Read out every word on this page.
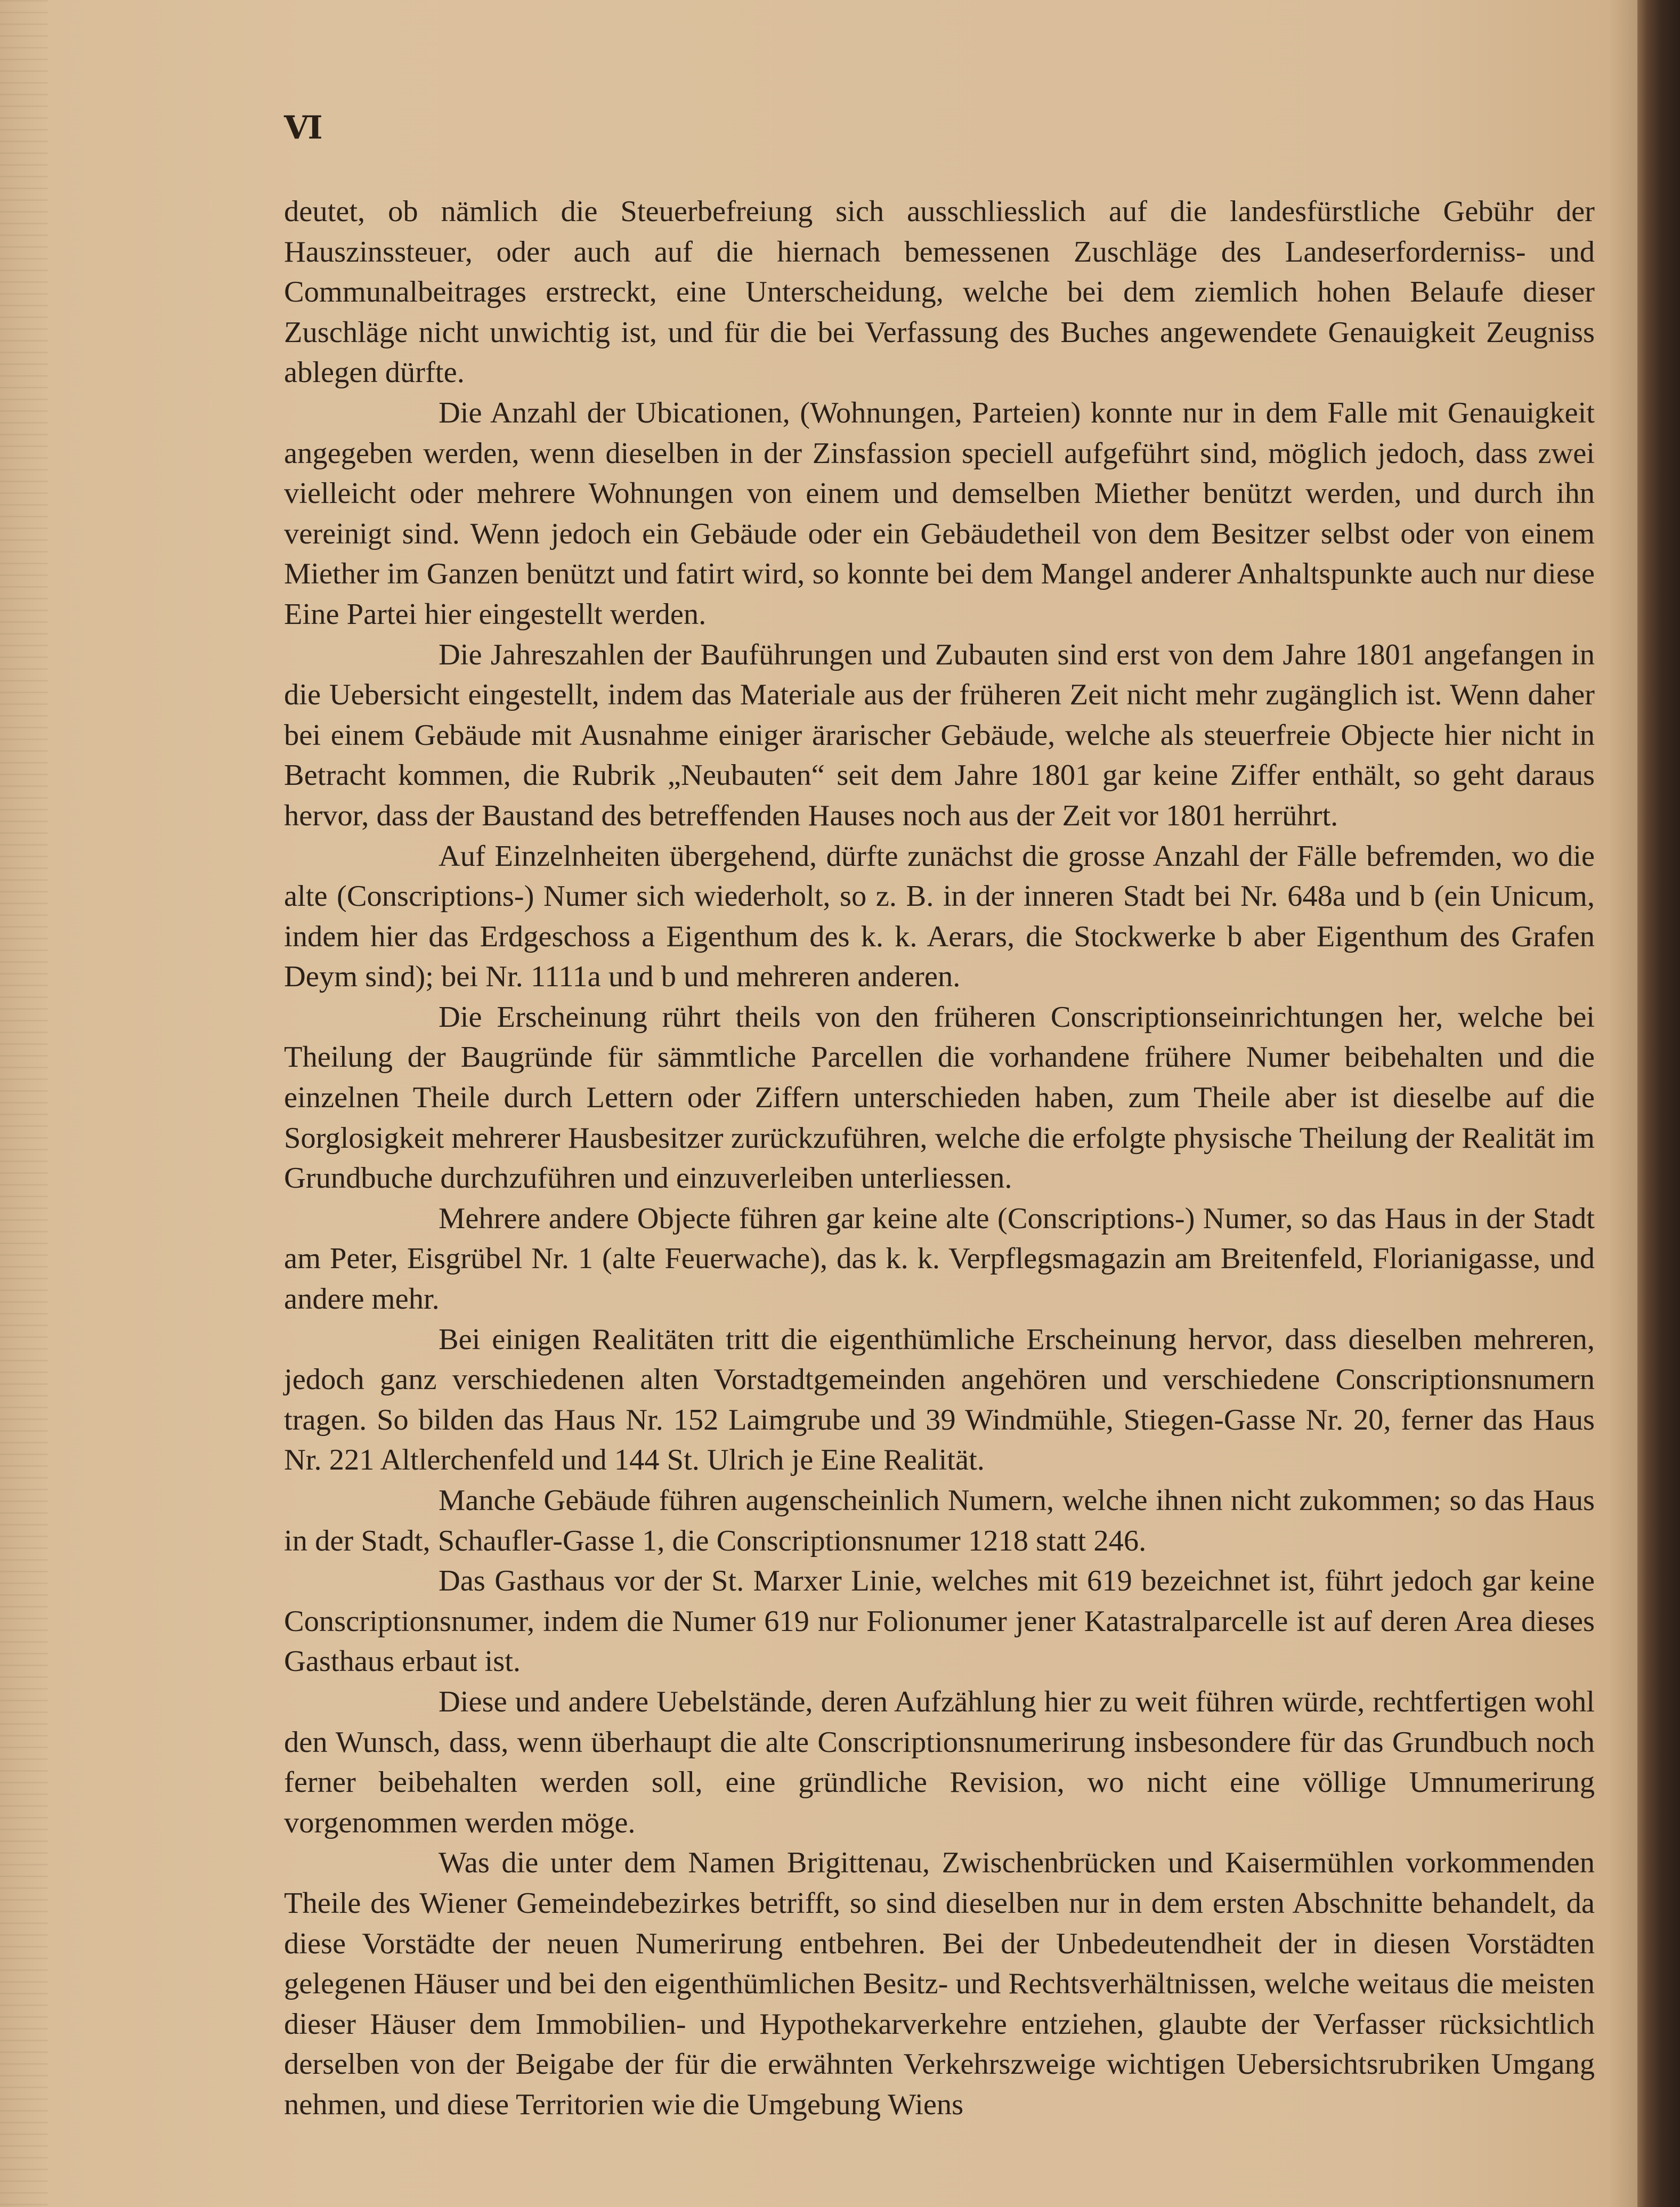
VI

deutet, ob nämlich die Steuerbefreiung sich ausschliesslich auf die landesfürstliche Gebühr der Hauszinssteuer, oder auch auf die hiernach bemessenen Zuschläge des Landeserforderniss- und Communalbeitrages erstreckt, eine Unterscheidung, welche bei dem ziemlich hohen Belaufe dieser Zuschläge nicht unwichtig ist, und für die bei Verfassung des Buches angewendete Genauigkeit Zeugniss ablegen dürfte.

Die Anzahl der Ubicationen, (Wohnungen, Parteien) konnte nur in dem Falle mit Genauigkeit angegeben werden, wenn dieselben in der Zinsfassion speciell aufgeführt sind, möglich jedoch, dass zwei vielleicht oder mehrere Wohnungen von einem und demselben Miether benützt werden, und durch ihn vereinigt sind. Wenn jedoch ein Gebäude oder ein Gebäudetheil von dem Besitzer selbst oder von einem Miether im Ganzen benützt und fatirt wird, so konnte bei dem Mangel anderer Anhaltspunkte auch nur diese Eine Partei hier eingestellt werden.

Die Jahreszahlen der Bauführungen und Zubauten sind erst von dem Jahre 1801 angefangen in die Uebersicht eingestellt, indem das Materiale aus der früheren Zeit nicht mehr zugänglich ist. Wenn daher bei einem Gebäude mit Ausnahme einiger ärarischer Gebäude, welche als steuerfreie Objecte hier nicht in Betracht kommen, die Rubrik „Neubauten“ seit dem Jahre 1801 gar keine Ziffer enthält, so geht daraus hervor, dass der Baustand des betreffenden Hauses noch aus der Zeit vor 1801 herrührt.

Auf Einzelnheiten übergehend, dürfte zunächst die grosse Anzahl der Fälle befremden, wo die alte (Conscriptions-) Numer sich wiederholt, so z. B. in der inneren Stadt bei Nr. 648a und b (ein Unicum, indem hier das Erdgeschoss a Eigenthum des k. k. Aerars, die Stockwerke b aber Eigenthum des Grafen Deym sind); bei Nr. 1111a und b und mehreren anderen.

Die Erscheinung rührt theils von den früheren Conscriptionseinrichtungen her, welche bei Theilung der Baugründe für sämmtliche Parcellen die vorhandene frühere Numer beibehalten und die einzelnen Theile durch Lettern oder Ziffern unterschieden haben, zum Theile aber ist dieselbe auf die Sorglosigkeit mehrerer Hausbesitzer zurückzuführen, welche die erfolgte physische Theilung der Realität im Grundbuche durchzuführen und einzuverleiben unterliessen.

Mehrere andere Objecte führen gar keine alte (Conscriptions-) Numer, so das Haus in der Stadt am Peter, Eisgrübel Nr. 1 (alte Feuerwache), das k. k. Verpflegsmagazin am Breitenfeld, Florianigasse, und andere mehr.

Bei einigen Realitäten tritt die eigenthümliche Erscheinung hervor, dass dieselben mehreren, jedoch ganz verschiedenen alten Vorstadtgemeinden angehören und verschiedene Conscriptionsnumern tragen. So bilden das Haus Nr. 152 Laimgrube und 39 Windmühle, Stiegen-Gasse Nr. 20, ferner das Haus Nr. 221 Altlerchenfeld und 144 St. Ulrich je Eine Realität.

Manche Gebäude führen augenscheinlich Numern, welche ihnen nicht zukommen; so das Haus in der Stadt, Schaufler-Gasse 1, die Conscriptionsnumer 1218 statt 246.

Das Gasthaus vor der St. Marxer Linie, welches mit 619 bezeichnet ist, führt jedoch gar keine Conscriptionsnumer, indem die Numer 619 nur Folionumer jener Katastralparcelle ist auf deren Area dieses Gasthaus erbaut ist.

Diese und andere Uebelstände, deren Aufzählung hier zu weit führen würde, rechtfertigen wohl den Wunsch, dass, wenn überhaupt die alte Conscriptionsnumerirung insbesondere für das Grundbuch noch ferner beibehalten werden soll, eine gründliche Revision, wo nicht eine völlige Umnumerirung vorgenommen werden möge.

Was die unter dem Namen Brigittenau, Zwischenbrücken und Kaisermühlen vorkommenden Theile des Wiener Gemeindebezirkes betrifft, so sind dieselben nur in dem ersten Abschnitte behandelt, da diese Vorstädte der neuen Numerirung entbehren. Bei der Unbedeutendheit der in diesen Vorstädten gelegenen Häuser und bei den eigenthümlichen Besitz- und Rechtsverhältnissen, welche weitaus die meisten dieser Häuser dem Immobilien- und Hypothekarverkehre entziehen, glaubte der Verfasser rücksichtlich derselben von der Beigabe der für die erwähnten Verkehrszweige wichtigen Uebersichtsrubriken Umgang nehmen, und diese Territorien wie die Umgebung Wiens
